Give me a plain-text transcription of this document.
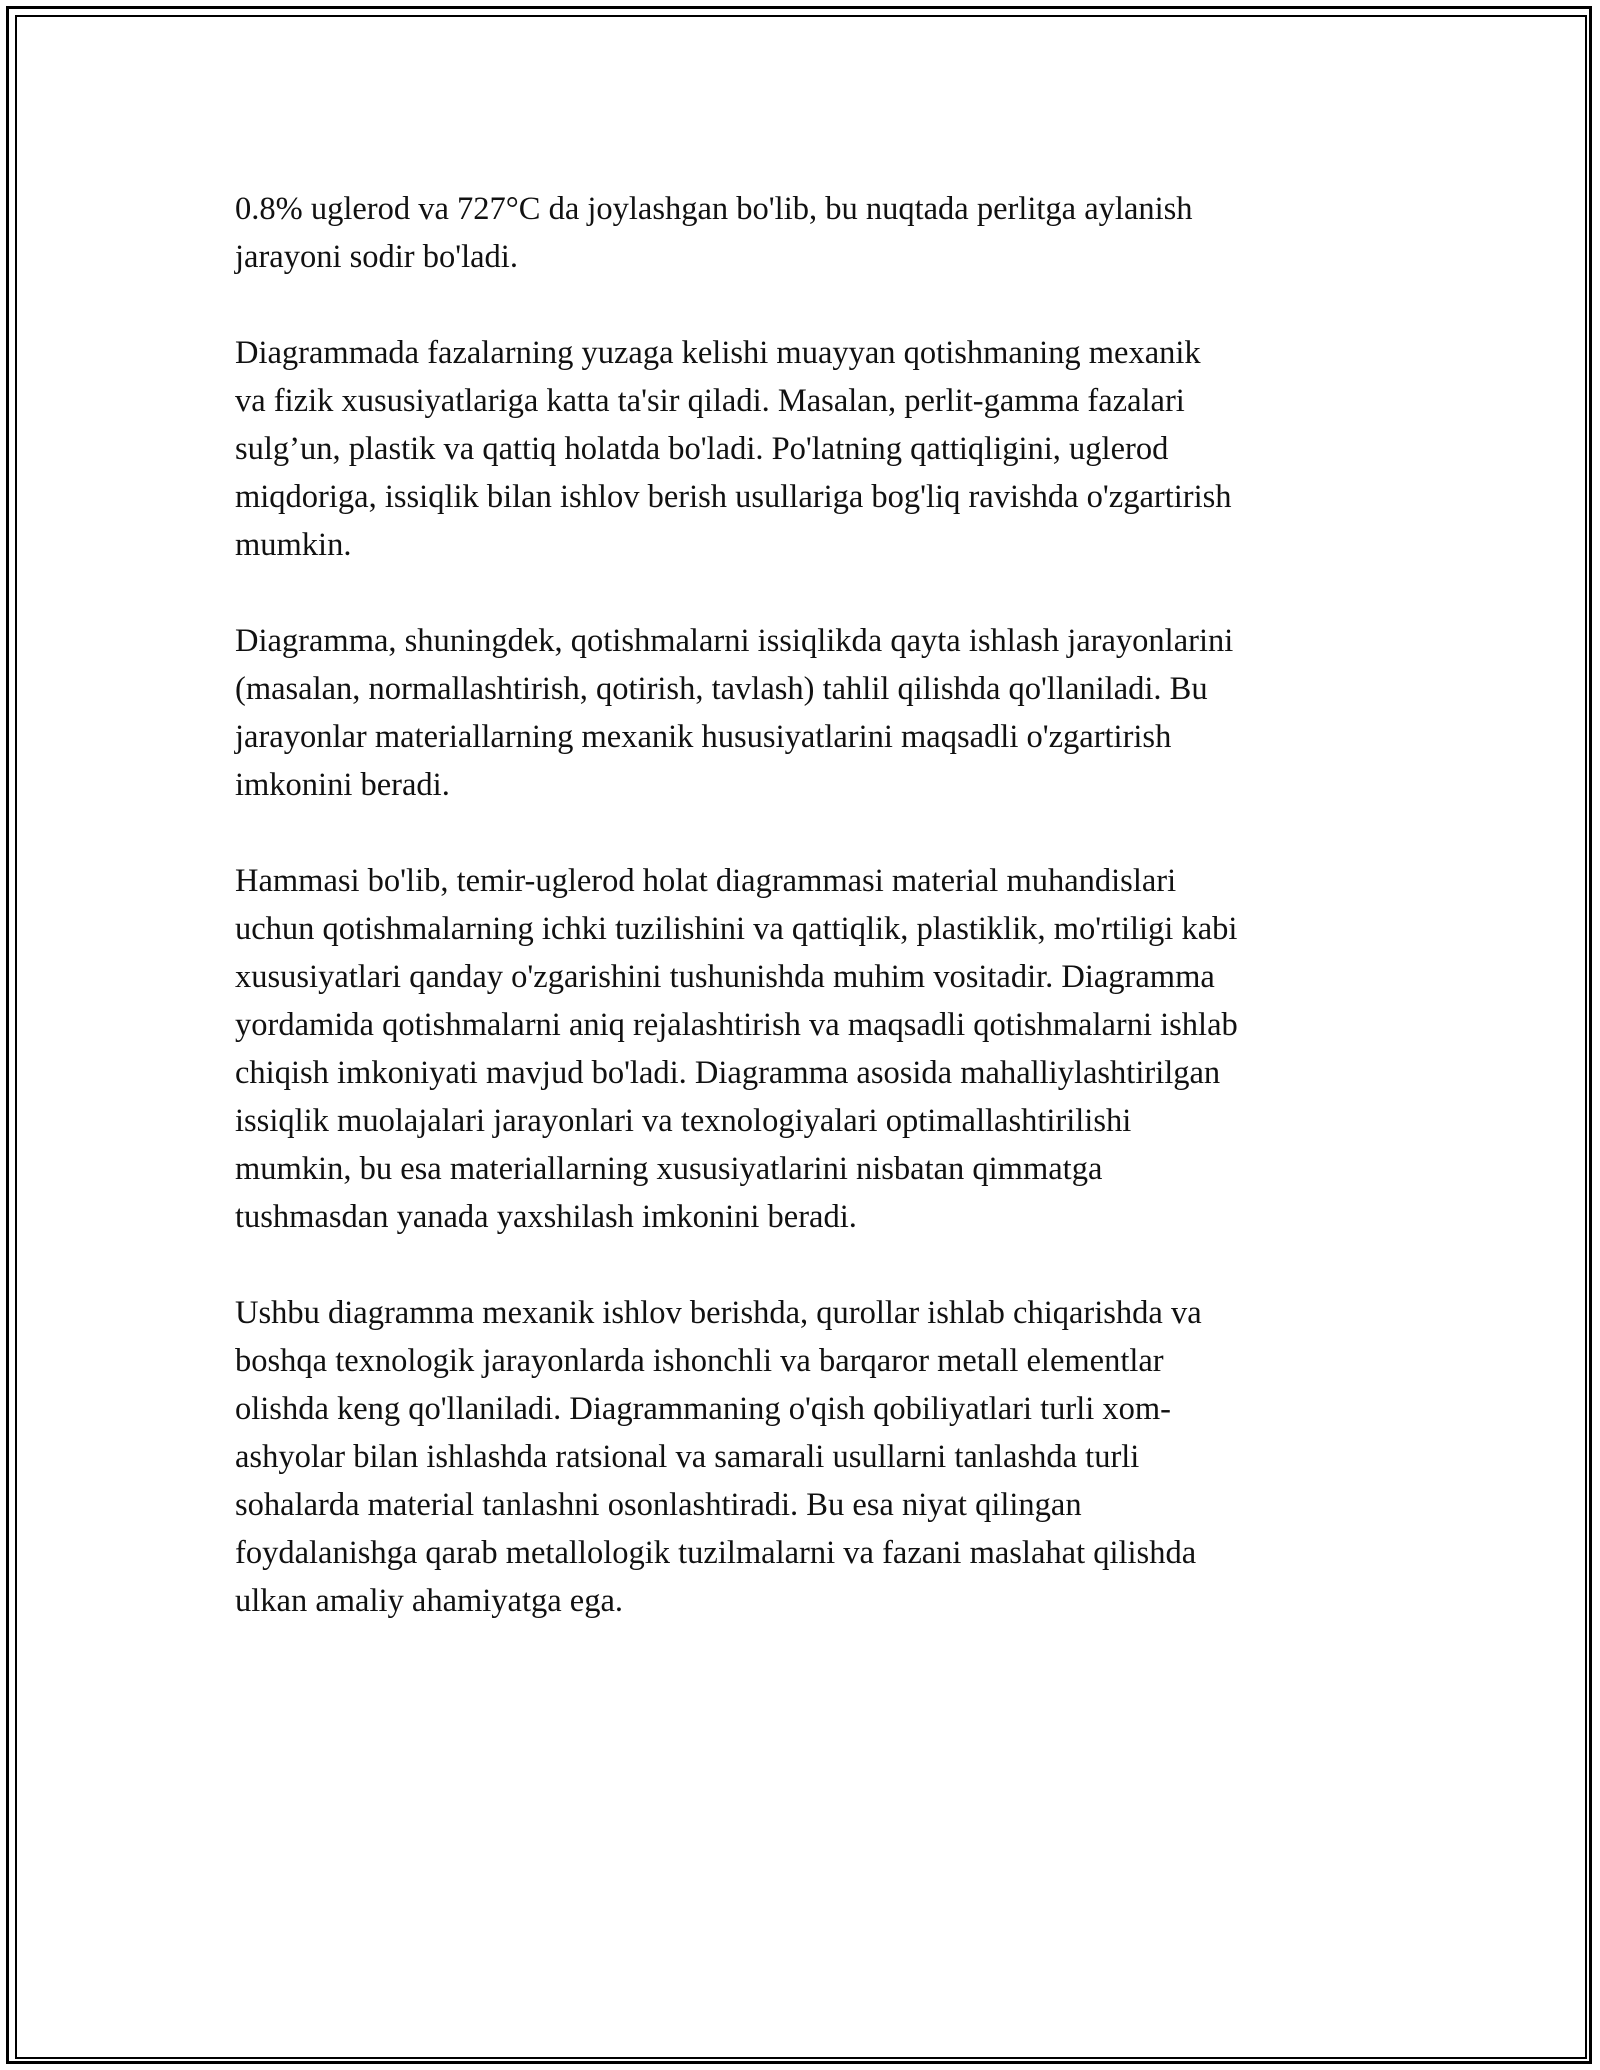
0.8% uglerod va 727°C da joylashgan bo'lib, bu nuqtada perlitga aylanish
jarayoni sodir bo'ladi.

Diagrammada fazalarning yuzaga kelishi muayyan qotishmaning mexanik
va fizik xususiyatlariga katta ta'sir qiladi. Masalan, perlit-gamma fazalari
sulg’un, plastik va qattiq holatda bo'ladi. Po'latning qattiqligini, uglerod
miqdoriga, issiqlik bilan ishlov berish usullariga bog'liq ravishda o'zgartirish
mumkin.

Diagramma, shuningdek, qotishmalarni issiqlikda qayta ishlash jarayonlarini
(masalan, normallashtirish, qotirish, tavlash) tahlil qilishda qo'llaniladi. Bu
jarayonlar materiallarning mexanik hususiyatlarini maqsadli o'zgartirish
imkonini beradi.

Hammasi bo'lib, temir-uglerod holat diagrammasi material muhandislari
uchun qotishmalarning ichki tuzilishini va qattiqlik, plastiklik, mo'rtiligi kabi
xususiyatlari qanday o'zgarishini tushunishda muhim vositadir. Diagramma
yordamida qotishmalarni aniq rejalashtirish va maqsadli qotishmalarni ishlab
chiqish imkoniyati mavjud bo'ladi. Diagramma asosida mahalliylashtirilgan
issiqlik muolajalari jarayonlari va texnologiyalari optimallashtirilishi
mumkin, bu esa materiallarning xususiyatlarini nisbatan qimmatga
tushmasdan yanada yaxshilash imkonini beradi.

Ushbu diagramma mexanik ishlov berishda, qurollar ishlab chiqarishda va
boshqa texnologik jarayonlarda ishonchli va barqaror metall elementlar
olishda keng qo'llaniladi. Diagrammaning o'qish qobiliyatlari turli xom-
ashyolar bilan ishlashda ratsional va samarali usullarni tanlashda turli
sohalarda material tanlashni osonlashtiradi. Bu esa niyat qilingan
foydalanishga qarab metallologik tuzilmalarni va fazani maslahat qilishda
ulkan amaliy ahamiyatga ega.
